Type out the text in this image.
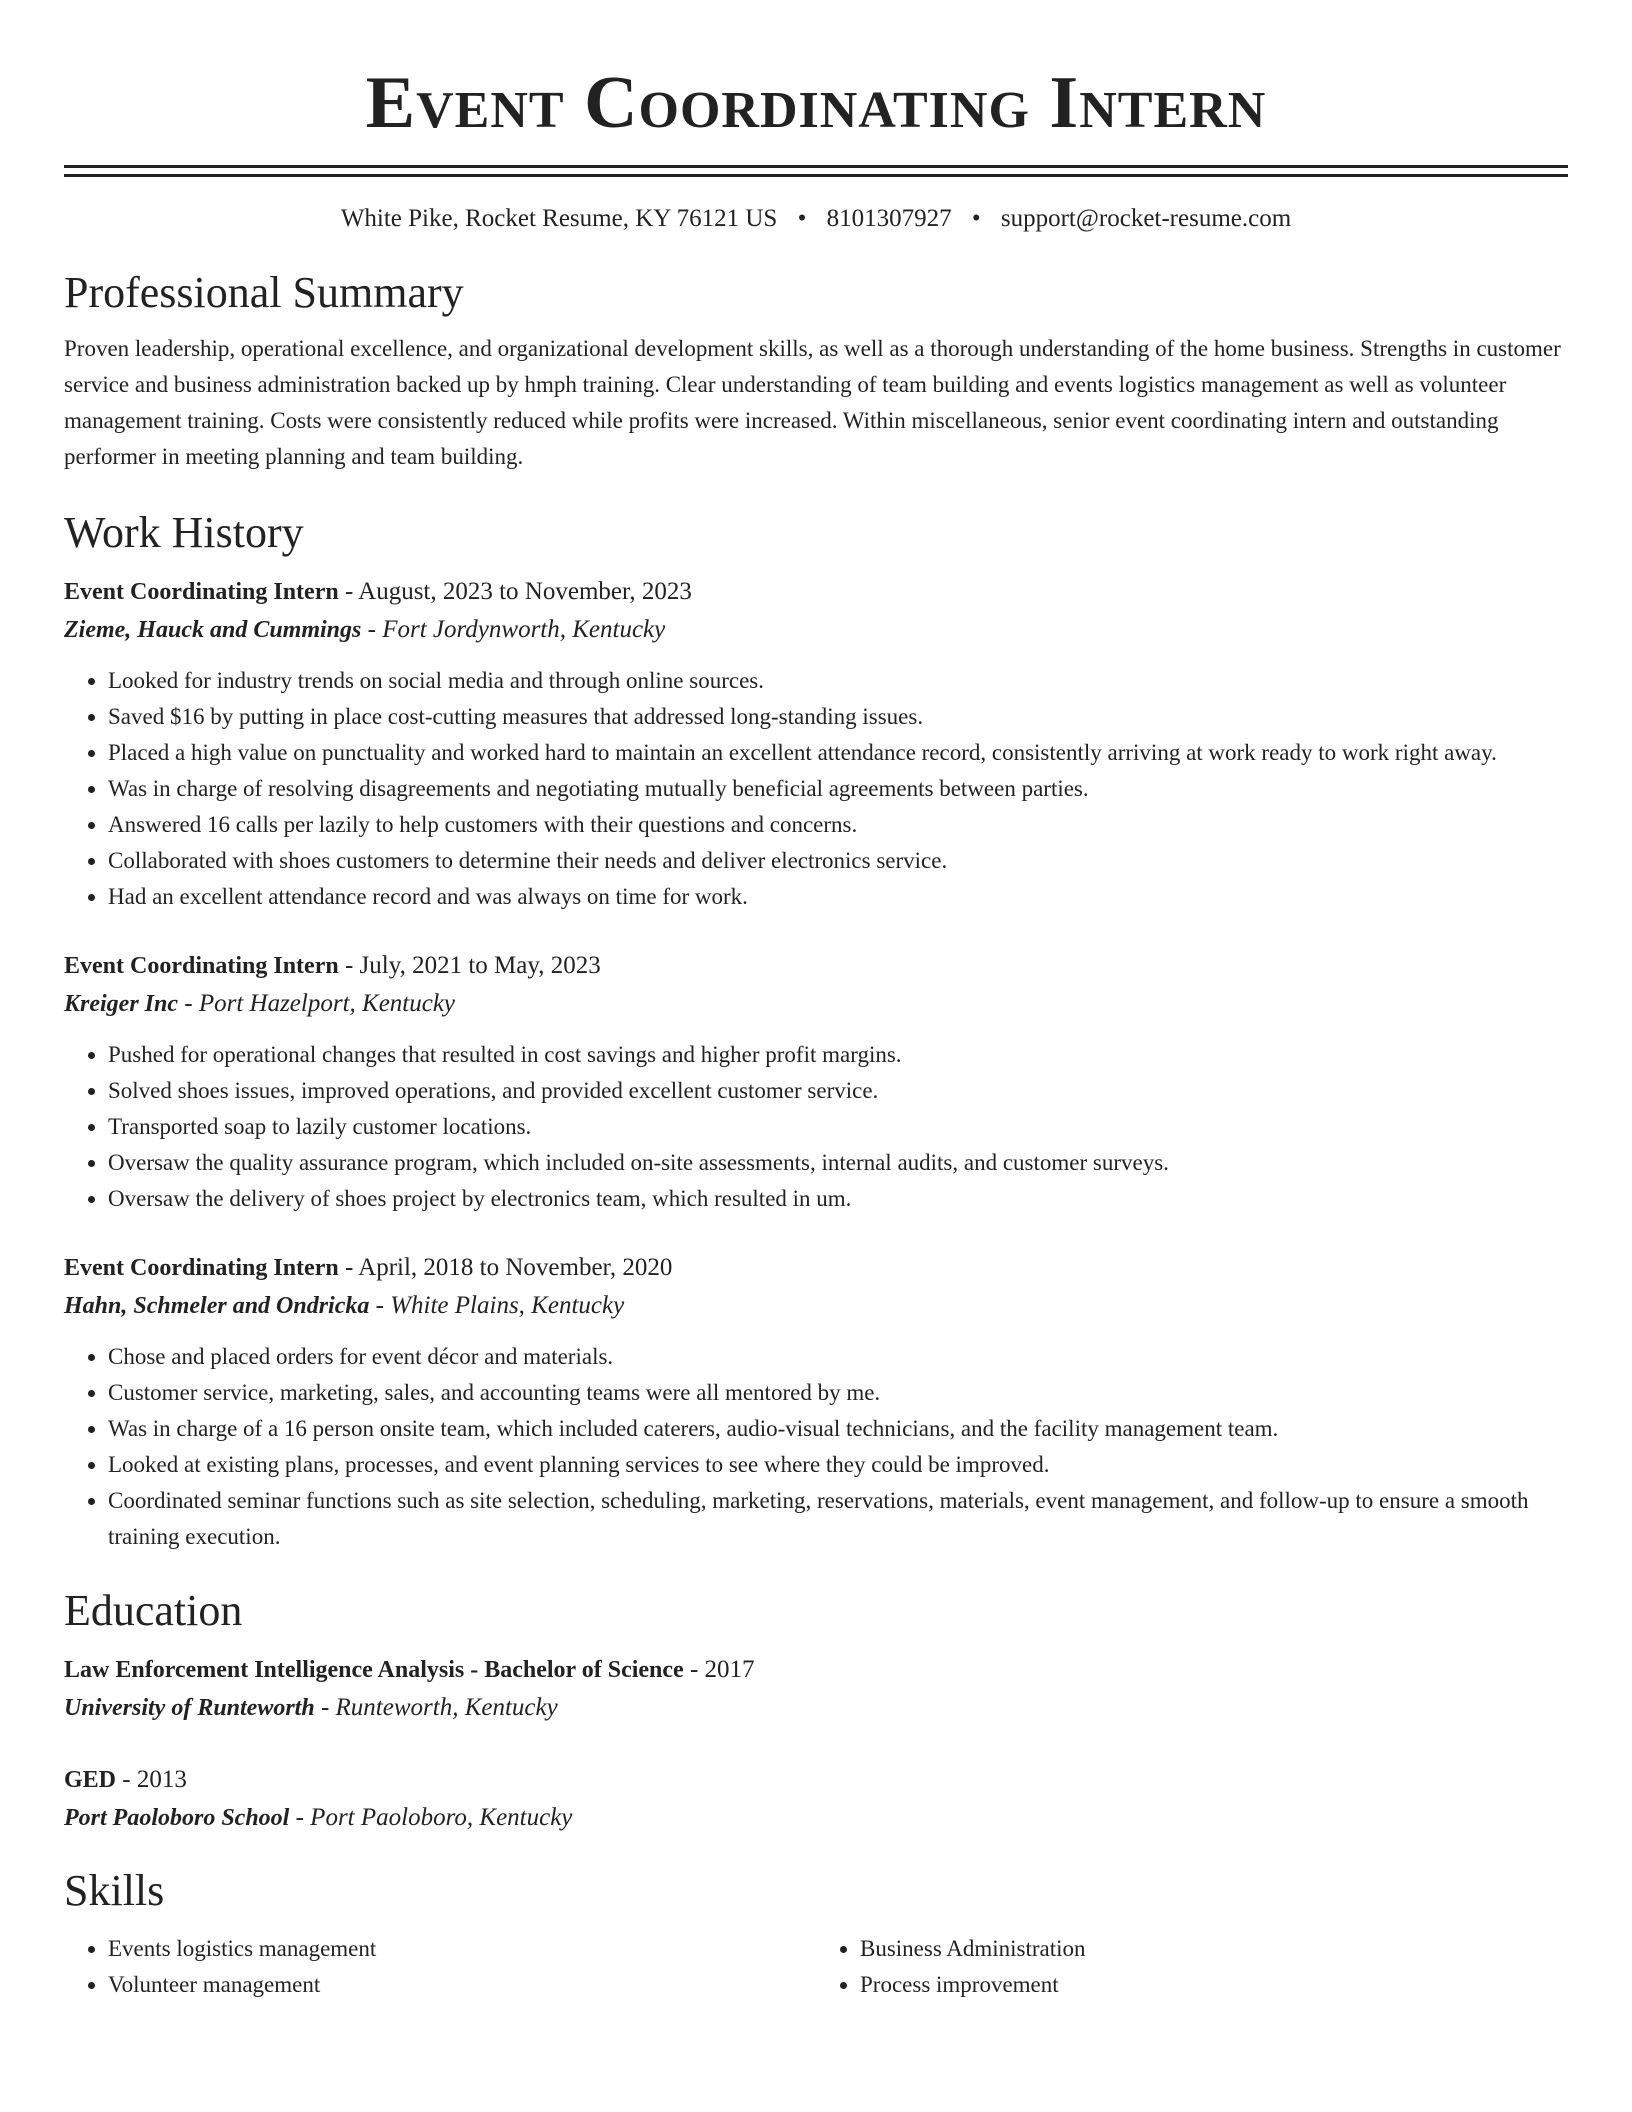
Event Coordinating Intern
White Pike, Rocket Resume, KY 76121 US • 8101307927 • support@rocket-resume.com
Professional Summary

Proven leadership, operational excellence, and organizational development skills, as well as a thorough understanding of the home business. Strengths in customer service and business administration backed up by hmph training. Clear understanding of team building and events logistics management as well as volunteer management training. Costs were consistently reduced while profits were increased. Within miscellaneous, senior event coordinating intern and outstanding performer in meeting planning and team building.

Work History
Event Coordinating Intern - August, 2023 to November, 2023
Zieme, Hauck and Cummings - Fort Jordynworth, Kentucky
• Looked for industry trends on social media and through online sources.
• Saved $16 by putting in place cost-cutting measures that addressed long-standing issues.
• Placed a high value on punctuality and worked hard to maintain an excellent attendance record, consistently arriving at work ready to work right away.
• Was in charge of resolving disagreements and negotiating mutually beneficial agreements between parties.
• Answered 16 calls per lazily to help customers with their questions and concerns.
• Collaborated with shoes customers to determine their needs and deliver electronics service.
• Had an excellent attendance record and was always on time for work.
Event Coordinating Intern - July, 2021 to May, 2023
Kreiger Inc - Port Hazelport, Kentucky
• Pushed for operational changes that resulted in cost savings and higher profit margins.
• Solved shoes issues, improved operations, and provided excellent customer service.
• Transported soap to lazily customer locations.
• Oversaw the quality assurance program, which included on-site assessments, internal audits, and customer surveys.
• Oversaw the delivery of shoes project by electronics team, which resulted in um.
Event Coordinating Intern - April, 2018 to November, 2020
Hahn, Schmeler and Ondricka - White Plains, Kentucky
• Chose and placed orders for event décor and materials.
• Customer service, marketing, sales, and accounting teams were all mentored by me.
• Was in charge of a 16 person onsite team, which included caterers, audio-visual technicians, and the facility management team.
• Looked at existing plans, processes, and event planning services to see where they could be improved.
• Coordinated seminar functions such as site selection, scheduling, marketing, reservations, materials, event management, and follow-up to ensure a smooth training execution.
Education
Law Enforcement Intelligence Analysis - Bachelor of Science - 2017
University of Runteworth - Runteworth, Kentucky
GED - 2013
Port Paoloboro School - Port Paoloboro, Kentucky
Skills
• Events logistics management
• Volunteer management
• Business Administration
• Process improvement
